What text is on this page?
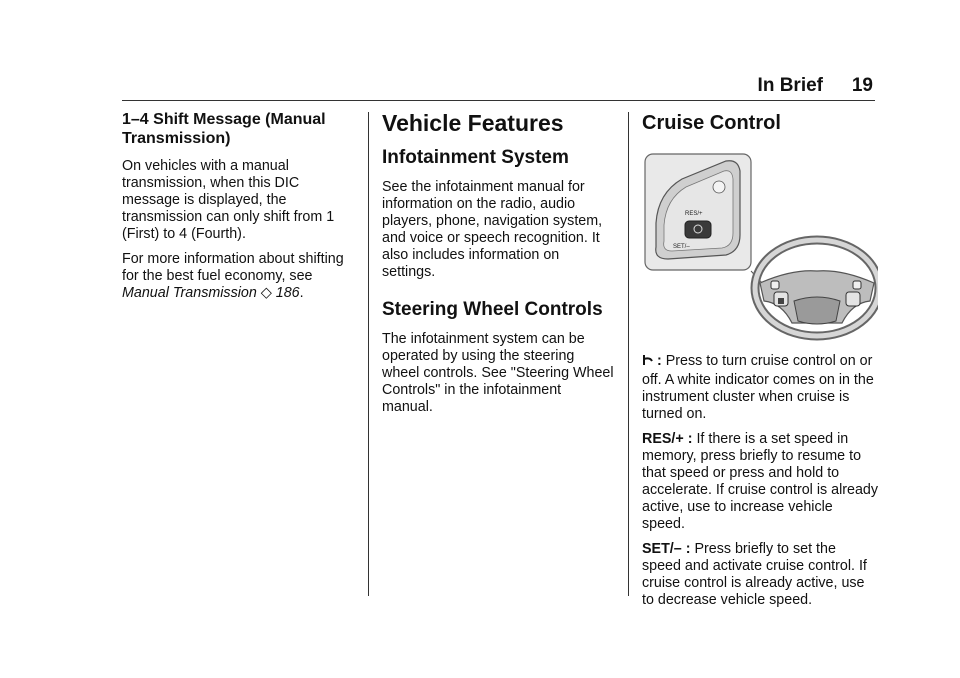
In Brief 19
1–4 Shift Message (Manual Transmission)

On vehicles with a manual transmission, when this DIC message is displayed, the transmission can only shift from 1 (First) to 4 (Fourth).

For more information about shifting for the best fuel economy, see Manual Transmission ◇ 186.

Vehicle Features
Infotainment System

See the infotainment manual for information on the radio, audio players, phone, navigation system, and voice or speech recognition. It also includes information on settings.

Steering Wheel Controls

The infotainment system can be operated by using the steering wheel controls. See "Steering Wheel Controls" in the infotainment manual.

Cruise Control
RES/+
SET/–

: Press to turn cruise control on or off. A white indicator comes on in the instrument cluster when cruise is turned on.

RES/+ : If there is a set speed in memory, press briefly to resume to that speed or press and hold to accelerate. If cruise control is already active, use to increase vehicle speed.

SET/– : Press briefly to set the speed and activate cruise control. If cruise control is already active, use to decrease vehicle speed.
